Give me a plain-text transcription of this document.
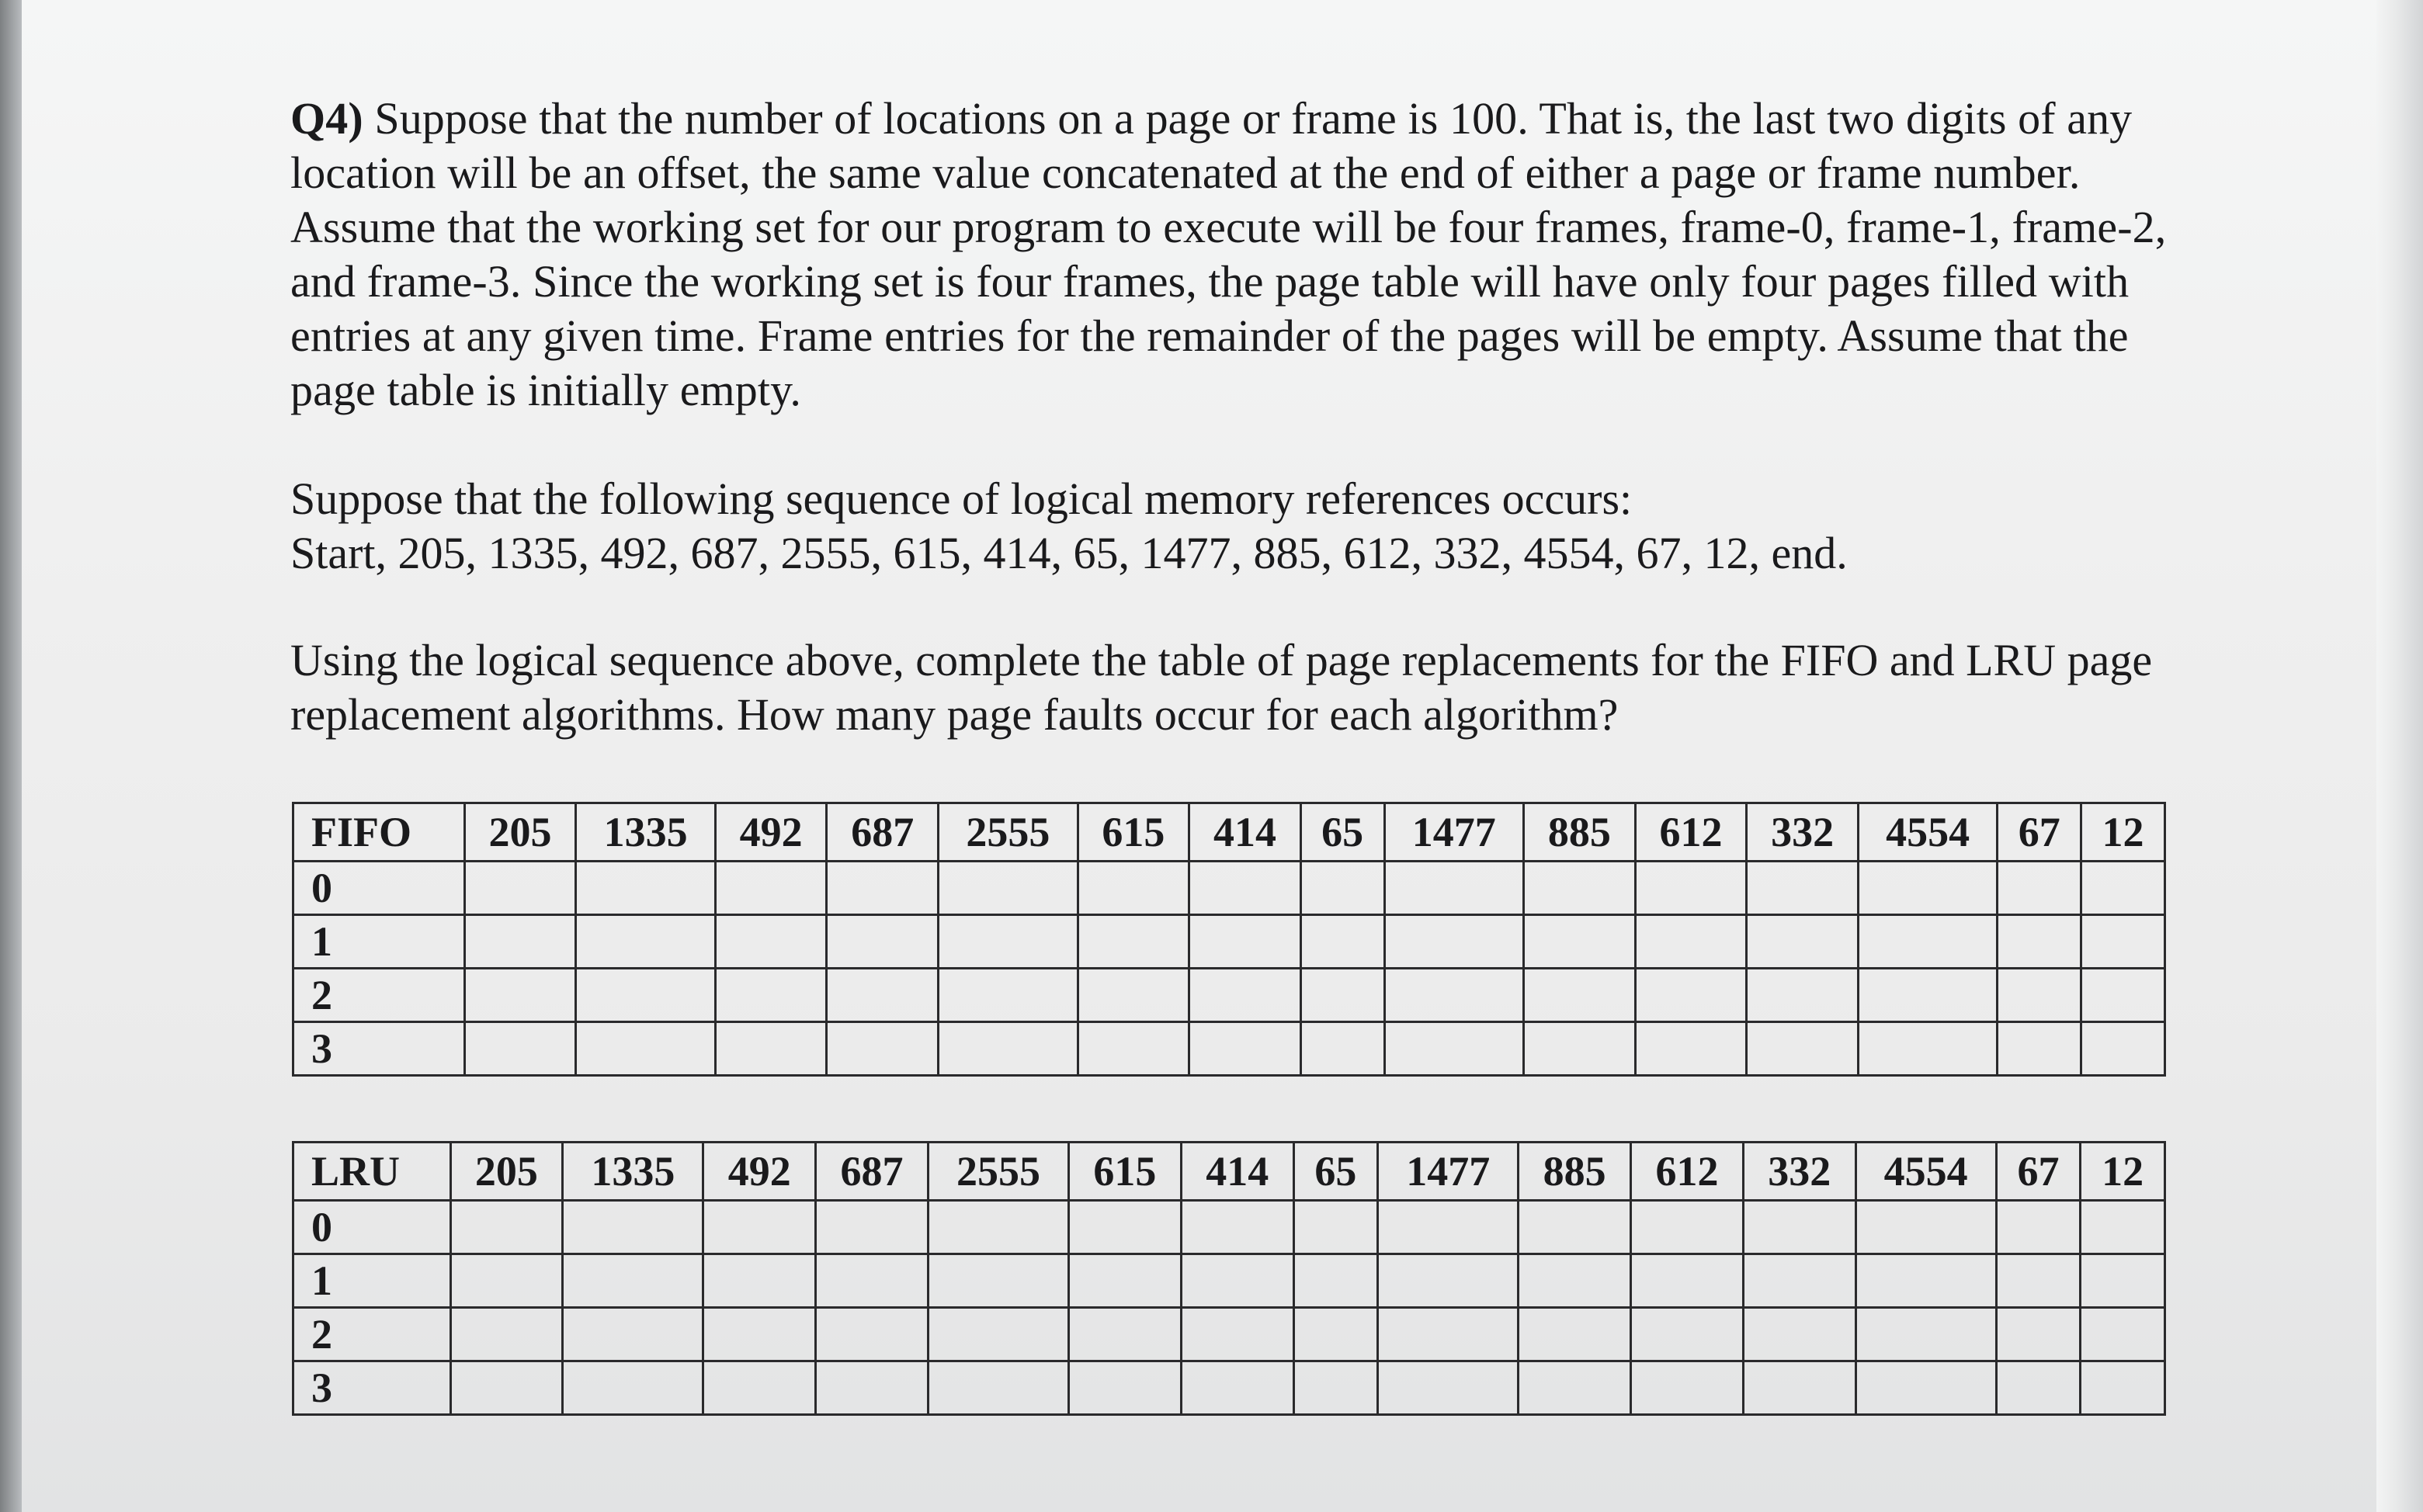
Q4) Suppose that the number of locations on a page or frame is 100. That is, the last two digits of any location will be an offset, the same value concatenated at the end of either a page or frame number. Assume that the working set for our program to execute will be four frames, frame-0, frame-1, frame-2, and frame-3. Since the working set is four frames, the page table will have only four pages filled with entries at any given time. Frame entries for the remainder of the pages will be empty. Assume that the page table is initially empty.

Suppose that the following sequence of logical memory references occurs:
Start, 205, 1335, 492, 687, 2555, 615, 414, 65, 1477, 885, 612, 332, 4554, 67, 12, end.

Using the logical sequence above, complete the table of page replacements for the FIFO and LRU page replacement algorithms. How many page faults occur for each algorithm?

FIFO	205	1335	492	687	2555	615	414	65	1477	885	612	332	4554	67	12
0															
1															
2															
3															
LRU	205	1335	492	687	2555	615	414	65	1477	885	612	332	4554	67	12
0															
1															
2															
3															
